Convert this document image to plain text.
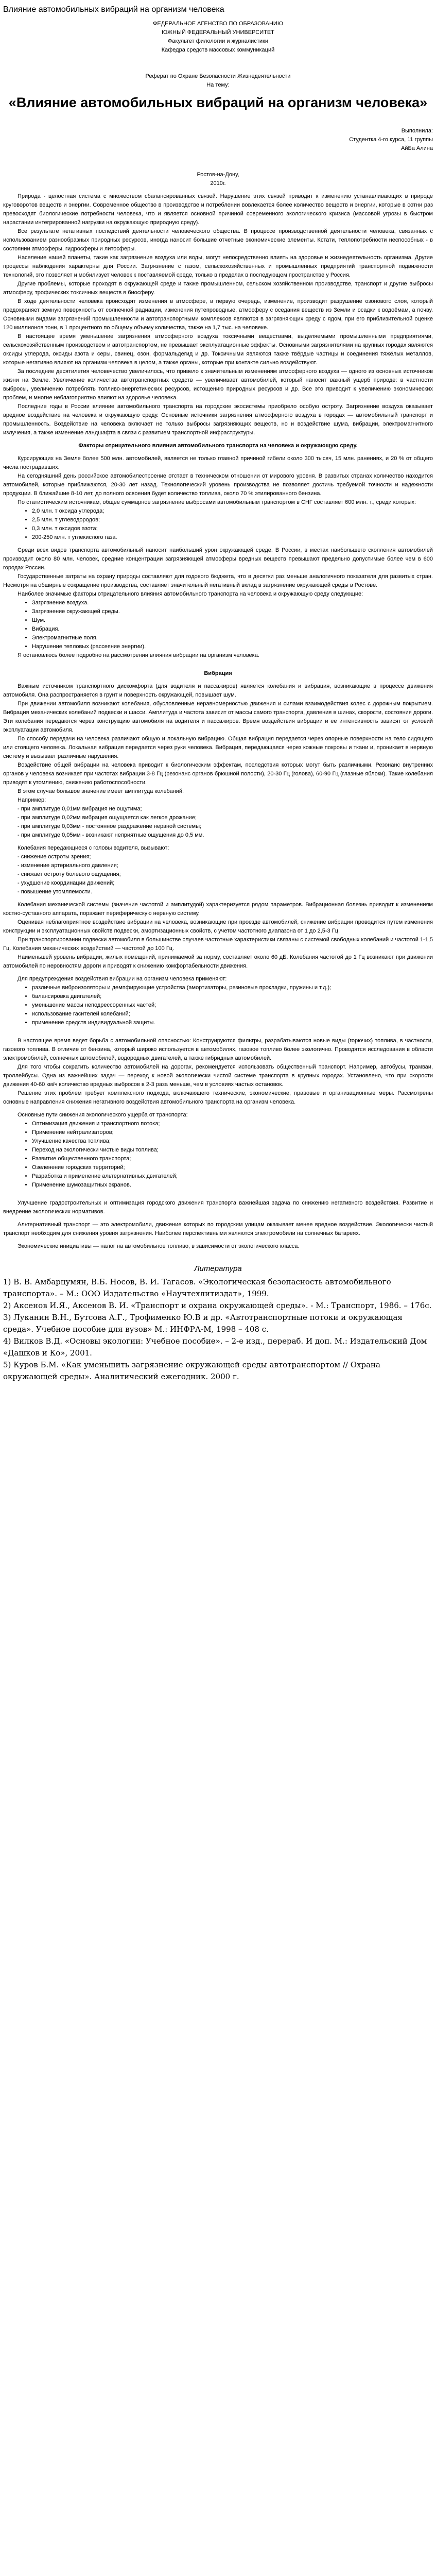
Влияние автомобильных вибраций на организм человека

ФЕДЕРАЛЬНОЕ АГЕНСТВО ПО ОБРАЗОВАНИЮ

ЮЖНЫЙ ФЕДЕРАЛЬНЫЙ УНИВЕРСИТЕТ

Факультет филологии и журналистики

Кафедра средств массовых коммуникаций

Реферат по Охране Безопасности Жизнедеятельности

На тему:

«Влияние автомобильных вибраций на организм человека»

Выполнила:

Студентка 4-го курса, 11 группы

АйБа Алина

Ростов-на-Дону,

2010г.

Природа - целостная система с множеством сбалансированных связей. Нарушение этих связей приводит к изменению устанавливающих в природе круговоротов веществ и энергии. Современное общество в производстве и потреблении вовлекается более количество веществ и энергии, которые в сотни раз превосходят биологические потребности человека, что и является основной причиной современного экологического кризиса (массовой угрозы в быстром нарастании интегрированной нагрузки на окружающую природную среду).

Все результате негативных последствий деятельности человеческого общества. В процессе производственной деятельности человека, связанных с использованием разнообразных природных ресурсов, иногда наносит большие отчетные экономические элементы. Кстати, теплопотребности неспособных - в состоянии атмосферы, гидросферы и литосферы.

Население нашей планеты, такие как загрязнение воздуха или воды, могут непосредственно влиять на здоровье и жизнедеятельность организма. Другие процессы наблюдения характерны для России. Загрязнение с газом, сельскохозяйственных и промышленных предприятий транспортной подвижности технологий, это позволяет и мобилизует человек к поставляемой среде, только в пределах в последующем пространстве у Россия.

Другие проблемы, которые проходят в окружающей среде и также промышленном, сельском хозяйственном производстве, транспорт и другие выбросы атмосферу, трофических токсичных веществ в биосферу.

В ходе деятельности человека происходят изменения в атмосфере, в первую очередь, изменение, производит разрушение озонового слоя, который предохраняет земную поверхность от солнечной радиации, изменения путепроводные, атмосферу с оседания веществ из Земли и осадки к водоёмам, а почву. Основными видами загрязнений промышленности и автотранспортными комплексов являются в загрязняющих среду с ядом, при его приблизительной оценке 120 миллионов тонн, в 1 процентного по общему объему количества, также на 1,7 тыс. на человеке.

В настоящее время уменьшение загрязнения атмосферного воздуха токсичными веществами, выделяемыми промышленными предприятиями, сельскохозяйственным производством и автотранспортом, не превышает эксплуатационные эффекты. Основными загрязнителями на крупных городах являются оксиды углерода, оксиды азота и серы, свинец, озон, формальдегид и др. Токсичными являются также твёрдые частицы и соединения тяжёлых металлов, которые негативно влияют на организм человека в целом, а также органы, которые при контакте сильно воздействуют.

За последние десятилетия человечество увеличилось, что привело к значительным изменениям атмосферного воздуха — одного из основных источников жизни на Земле. Увеличение количества автотранспортных средств — увеличивает автомобилей, который наносит важный ущерб природе: в частности выбросы, увеличению потреблять топливо-энергетических ресурсов, истощению природных ресурсов и др. Все это приводит к увеличению экономических проблем, и многие неблагоприятно влияют на здоровье человека.

Последние годы в России влияние автомобильного транспорта на городские экосистемы приобрело особую остроту. Загрязнение воздуха оказывает вредное воздействие на человека и окружающую среду. Основные источники загрязнения атмосферного воздуха в городах — автомобильный транспорт и промышленность. Воздействие на человека включает не только выбросы загрязняющих веществ, но и воздействие шума, вибрации, электромагнитного излучения, а также изменение ландшафта в связи с развитием транспортной инфраструктуры.

Факторы отрицательного влияния автомобильного транспорта на человека и окружающую среду.

Курсирующих на Земле более 500 млн. автомобилей, является не только главной причиной гибели около 300 тысяч, 15 млн. ранениях, и 20 % от общего числа пострадавших.

На сегодняшний день российское автомобилестроение отстает в техническом отношении от мирового уровня. В развитых странах количество находится автомобилей, которые приближаются, 20-30 лет назад. Технологический уровень производства не позволяет достичь требуемой точности и надежности продукции. В ближайшие 8-10 лет, до полного освоения будет количество топлива, около 70 % этилированного бензина.

По статистическим источникам, общее суммарное загрязнение выбросами автомобильным транспортом в СНГ составляет 600 млн. т., среди которых:

• 2,0 млн. т оксида углерода;
• 2,5 млн. т углеводородов;
• 0,3 млн. т оксидов азота;
• 200-250 млн. т углекислого газа.

Среди всех видов транспорта автомобильный наносит наибольший урон окружающей среде. В России, в местах наибольшего скопления автомобилей производит около 80 млн. человек, средние концентрации загрязняющей атмосферы вредных веществ превышают предельно допустимые более чем в 600 городах России.

Государственные затраты на охрану природы составляют для годового бюджета, что в десятки раз меньше аналогичного показателя для развитых стран. Несмотря на обширные сокращение производства, составляет значительный негативный вклад в загрязнение окружающей среды в Ростове.

Наиболее значимые факторы отрицательного влияния автомобильного транспорта на человека и окружающую среду следующие:

• Загрязнение воздуха.
• Загрязнение окружающей среды.
• Шум.
• Вибрация.
• Электромагнитные поля.
• Нарушение тепловых (рассеяние энергии).

Я остановлюсь более подробно на рассмотрении влияния вибрации на организм человека.

Вибрация

Важным источником транспортного дискомфорта (для водителя и пассажиров) является колебания и вибрация, возникающие в процессе движения автомобиля. Она распространяется в грунт и поверхность окружающей, повышает шум.

При движении автомобиля возникают колебания, обусловленные неравномерностью движения и силами взаимодействия колес с дорожным покрытием. Вибрация механических колебаний подвески и шасси. Амплитуда и частота зависит от массы самого транспорта, давления в шинах, скорости, состояния дороги. Эти колебания передаются через конструкцию автомобиля на водителя и пассажиров. Время воздействия вибрации и ее интенсивность зависят от условий эксплуатации автомобиля.

По способу передачи на человека различают общую и локальную вибрацию. Общая вибрация передается через опорные поверхности на тело сидящего или стоящего человека. Локальная вибрация передается через руки человека. Вибрация, передающаяся через кожные покровы и ткани и, проникает в нервную систему и вызывает различные нарушения.

Воздействие общей вибрации на человека приводит к биологическим эффектам, последствия которых могут быть различными. Резонанс внутренних органов у человека возникает при частотах вибрации 3-8 Гц (резонанс органов брюшной полости), 20-30 Гц (голова), 60-90 Гц (глазные яблоки). Такие колебания приводят к утомлению, снижению работоспособности.

В этом случае большое значение имеет амплитуда колебаний.

Например:

- при амплитуде 0,01мм вибрация не ощутима;

- при амплитуде 0,02мм вибрация ощущается как легкое дрожание;

- при амплитуде 0,03мм - постоянное раздражение нервной системы;

- при амплитуде 0,05мм - возникают неприятные ощущения до 0,5 мм.

Колебания передающиеся с головы водителя, вызывают:

- снижение остроты зрения;

- изменение артериального давления;

- снижает остроту болевого ощущения;

- ухудшение координации движений;

- повышение утомляемости.

Колебания механической системы (значение частотой и амплитудой) характеризуется рядом параметров. Вибрационная болезнь приводит к изменениям костно-суставного аппарата, поражает периферическую нервную систему.

Оценивая неблагоприятное воздействие вибрации на человека, возникающие при проезде автомобилей, снижение вибрации проводится путем изменения конструкции и эксплуатационных свойств подвески, амортизационных свойств, с учетом частотного диапазона от 1 до 2,5-3 Гц.

При транспортировании подвески автомобиля в большинстве случаев частотные характеристики связаны с системой свободных колебаний и частотой 1-1,5 Гц. Колебания механических воздействий — частотой до 100 Гц.

Наименьшей уровень вибрации, жилых помещений, принимаемой за норму, составляет около 60 дБ. Колебания частотой до 1 Гц возникают при движении автомобилей по неровностям дороги и приводят к снижению комфортабельности движения.

Для предупреждения воздействия вибрации на организм человека применяют:

• различные виброизоляторы и демпфирующие устройства (амортизаторы, резиновые прокладки, пружины и т.д.);
• балансировка двигателей;
• уменьшение массы неподрессоренных частей;
• использование гасителей колебаний;
• применение средств индивидуальной защиты.

В настоящее время ведет борьба с автомобильной опасностью: Конструируются фильтры, разрабатываются новые виды (горючих) топлива, в частности, газового топлива. В отличие от бензина, который широко используется в автомобилях, газовое топливо более экологично. Проводятся исследования в области электромобилей, солнечных автомобилей, водородных двигателей, а также гибридных автомобилей.

Для того чтобы сократить количество автомобилей на дорогах, рекомендуется использовать общественный транспорт. Например, автобусы, трамваи, троллейбусы. Одна из важнейших задач — переход к новой экологически чистой системе транспорта в крупных городах. Установлено, что при скорости движения 40-60 км/ч количество вредных выбросов в 2-3 раза меньше, чем в условиях частых остановок.

Решение этих проблем требует комплексного подхода, включающего технические, экономические, правовые и организационные меры. Рассмотрены основные направления снижения негативного воздействия автомобильного транспорта на организм человека.

Основные пути снижения экологического ущерба от транспорта:

• Оптимизация движения и транспортного потока;
• Применение нейтрализаторов;
• Улучшение качества топлива;
• Переход на экологически чистые виды топлива;
• Развитие общественного транспорта;
• Озеленение городских территорий;
• Разработка и применение альтернативных двигателей;
• Применение шумозащитных экранов.

Улучшение градостроительных и оптимизация городского движения транспорта важнейшая задача по снижению негативного воздействия. Развитие и внедрение экологических нормативов.

Альтернативный транспорт — это электромобили, движение которых по городским улицам оказывает менее вредное воздействие. Экологически чистый транспорт необходим для снижения уровня загрязнения. Наиболее перспективными являются электромобили на солнечных батареях.

Экономические инициативы — налог на автомобильное топливо, в зависимости от экологического класса.

Литература

1) В. В. Амбарцумян, В.Б. Носов, В. И. Тагасов. «Экологическая безопасность автомобильного транспорта». – М.: ООО Издательство «Научтехлитиздат», 1999.

2) Аксенов И.Я., Аксенов В. И. «Транспорт и охрана окружающей среды». - М.: Транспорт, 1986. – 176с.

3) Луканин В.Н., Бутсова А.Г., Трофименко Ю.В и др. «Автотранспортные потоки и окружающая среда». Учебное пособие для вузов» М.: ИНФРА-М, 1998 – 408 с.

4) Вилков В.Д. «Основы экологии: Учебное пособие». – 2-е изд., перераб. И доп. М.: Издательский Дом «Дашков и Ко», 2001.

5) Куров Б.М. «Как уменьшить загрязнение окружающей среды автотранспортом // Охрана окружающей среды». Аналитический ежегодник. 2000 г.
